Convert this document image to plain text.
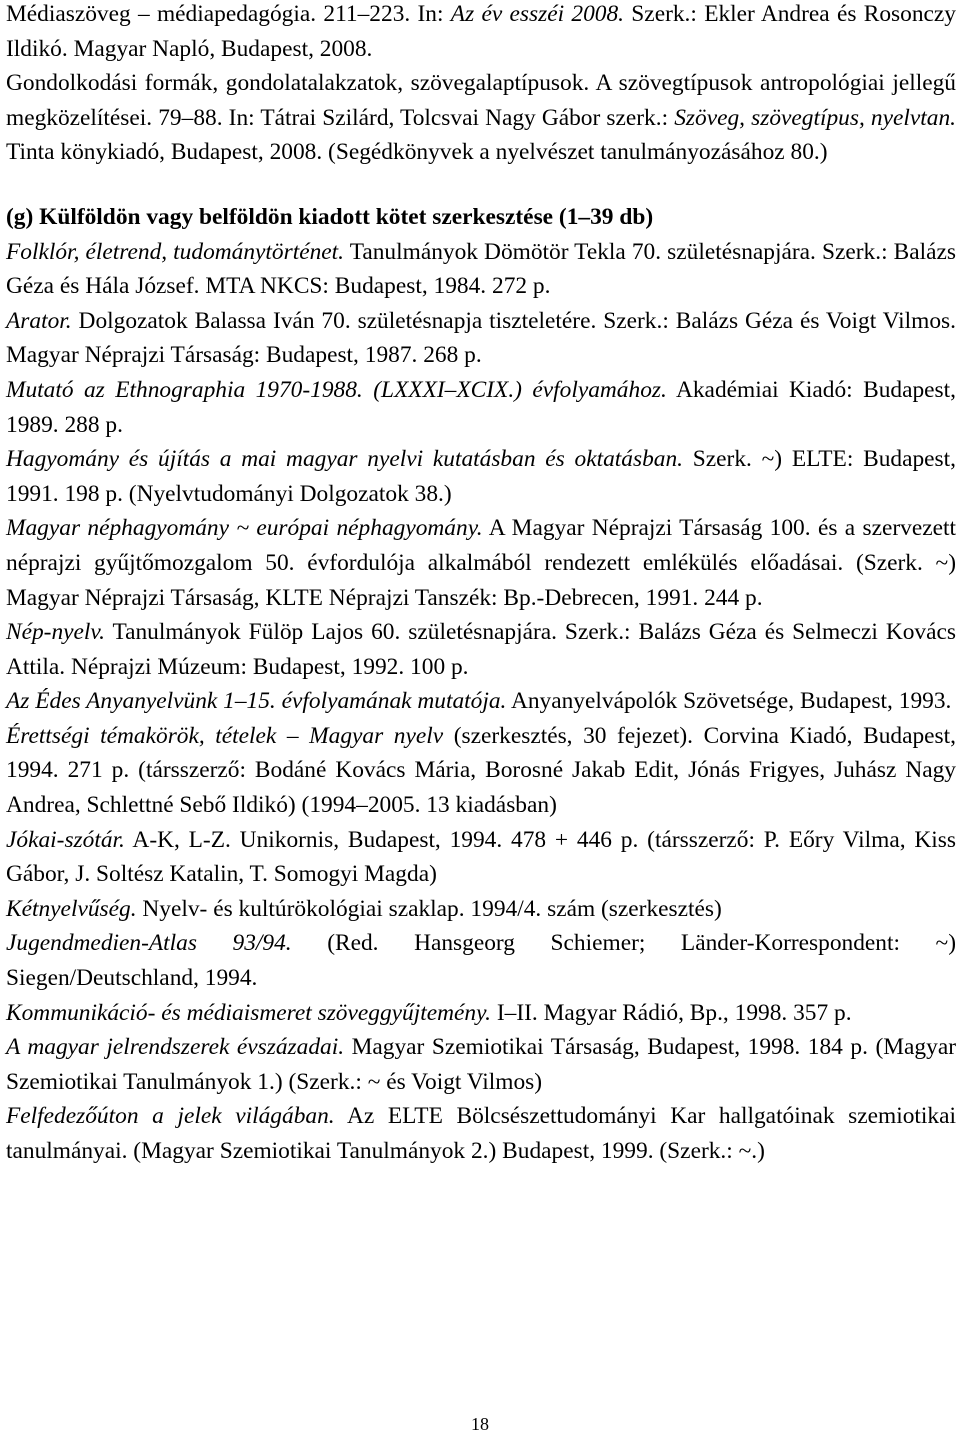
Médiaszöveg – médiapedagógia. 211–223. In: Az év esszéi 2008. Szerk.: Ekler Andrea és Rosonczy Ildikó. Magyar Napló, Budapest, 2008.

Gondolkodási formák, gondolatalakzatok, szövegalaptípusok. A szövegtípusok antropológiai jellegű megközelítései. 79–88. In: Tátrai Szilárd, Tolcsvai Nagy Gábor szerk.: Szöveg, szövegtípus, nyelvtan. Tinta könykiadó, Budapest, 2008. (Segédkönyvek a nyelvészet tanulmányozásához 80.)

(g) Külföldön vagy belföldön kiadott kötet szerkesztése (1–39 db)

Folklór, életrend, tudománytörténet. Tanulmányok Dömötör Tekla 70. születésnapjára. Szerk.: Balázs Géza és Hála József. MTA NKCS: Budapest, 1984. 272 p.

Arator. Dolgozatok Balassa Iván 70. születésnapja tiszteletére. Szerk.: Balázs Géza és Voigt Vilmos. Magyar Néprajzi Társaság: Budapest, 1987. 268 p.

Mutató az Ethnographia 1970-1988. (LXXXI–XCIX.) évfolyamához. Akadémiai Kiadó: Budapest, 1989. 288 p.

Hagyomány és újítás a mai magyar nyelvi kutatásban és oktatásban. Szerk. ~) ELTE: Budapest, 1991. 198 p. (Nyelvtudományi Dolgozatok 38.)

Magyar néphagyomány ~ európai néphagyomány. A Magyar Néprajzi Társaság 100. és a szervezett néprajzi gyűjtőmozgalom 50. évfordulója alkalmából rendezett emlékülés előadásai. (Szerk. ~) Magyar Néprajzi Társaság, KLTE Néprajzi Tanszék: Bp.-Debrecen, 1991. 244 p.

Nép-nyelv. Tanulmányok Fülöp Lajos 60. születésnapjára. Szerk.: Balázs Géza és Selmeczi Kovács Attila. Néprajzi Múzeum: Budapest, 1992. 100 p.

Az Édes Anyanyelvünk 1–15. évfolyamának mutatója. Anyanyelvápolók Szövetsége, Budapest, 1993.

Érettségi témakörök, tételek – Magyar nyelv (szerkesztés, 30 fejezet). Corvina Kiadó, Budapest, 1994. 271 p. (társszerző: Bodáné Kovács Mária, Borosné Jakab Edit, Jónás Frigyes, Juhász Nagy Andrea, Schlettné Sebő Ildikó) (1994–2005. 13 kiadásban)

Jókai-szótár. A-K, L-Z. Unikornis, Budapest, 1994. 478 + 446 p. (társszerző: P. Eőry Vilma, Kiss Gábor, J. Soltész Katalin, T. Somogyi Magda)

Kétnyelvűség. Nyelv- és kultúrökológiai szaklap. 1994/4. szám (szerkesztés)

Jugendmedien-Atlas 93/94. (Red. Hansgeorg Schiemer; Länder-Korrespondent: ~) Siegen/Deutschland, 1994.

Kommunikáció- és médiaismeret szöveggyűjtemény. I–II. Magyar Rádió, Bp., 1998. 357 p.

A magyar jelrendszerek évszázadai. Magyar Szemiotikai Társaság, Budapest, 1998. 184 p. (Magyar Szemiotikai Tanulmányok 1.) (Szerk.: ~ és Voigt Vilmos)

Felfedezőúton a jelek világában. Az ELTE Bölcsészettudományi Kar hallgatóinak szemiotikai tanulmányai. (Magyar Szemiotikai Tanulmányok 2.) Budapest, 1999. (Szerk.: ~.)

18
